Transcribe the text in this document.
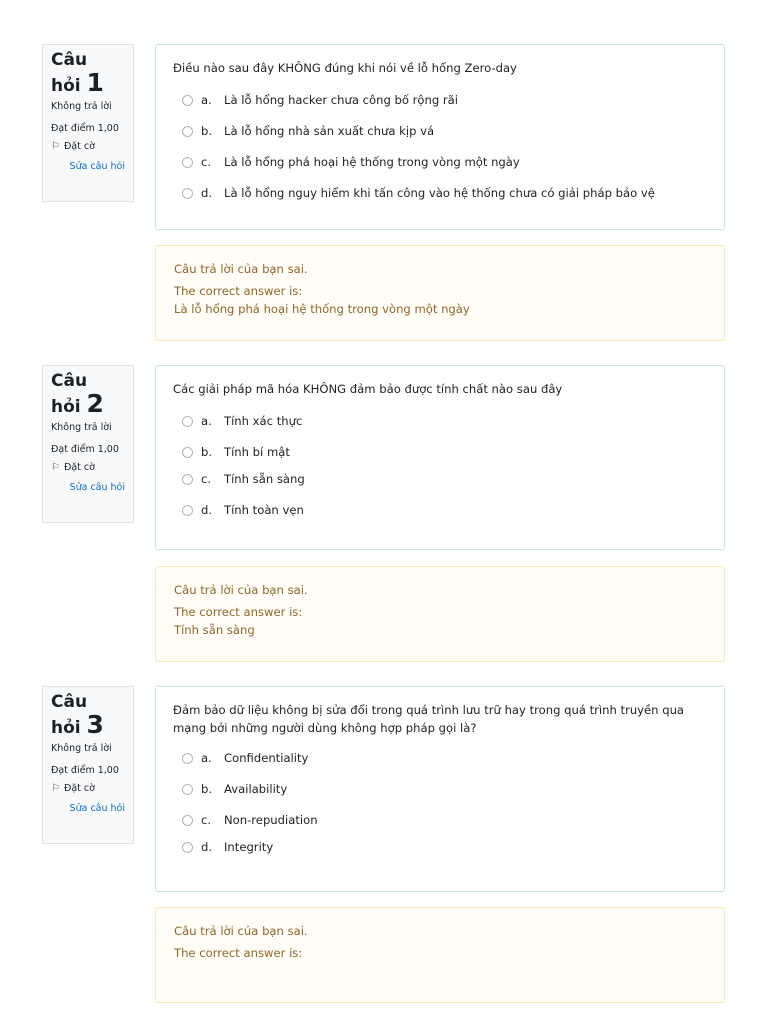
Câu
hỏi 1
Không trả lời
Đạt điểm 1,00
⚐ Đặt cờ
Sửa câu hỏi
Điều nào sau đây KHÔNG đúng khi nói về lỗ hổng Zero-day
a.	Là lỗ hổng hacker chưa công bố rộng rãi
b.	Là lỗ hổng nhà sản xuất chưa kịp vá
c.	Là lỗ hổng phá hoại hệ thống trong vòng một ngày
d.	Là lỗ hổng nguy hiểm khi tấn công vào hệ thống chưa có giải pháp bảo vệ
Câu trả lời của bạn sai.
The correct answer is:
Là lỗ hổng phá hoại hệ thống trong vòng một ngày
Câu
hỏi 2
Không trả lời
Đạt điểm 1,00
⚐ Đặt cờ
Sửa câu hỏi
Các giải pháp mã hóa KHÔNG đảm bảo được tính chất nào sau đây
a.	Tính xác thực
b.	Tính bí mật
c.	Tính sẵn sàng
d.	Tính toàn vẹn
Câu trả lời của bạn sai.
The correct answer is:
Tính sẵn sàng
Câu
hỏi 3
Không trả lời
Đạt điểm 1,00
⚐ Đặt cờ
Sửa câu hỏi
Đảm bảo dữ liệu không bị sửa đổi trong quá trình lưu trữ hay trong quá trình truyền qua mạng bởi những người dùng không hợp pháp gọi là?
a.	Confidentiality
b.	Availability
c.	Non-repudiation
d.	Integrity
Câu trả lời của bạn sai.
The correct answer is:
